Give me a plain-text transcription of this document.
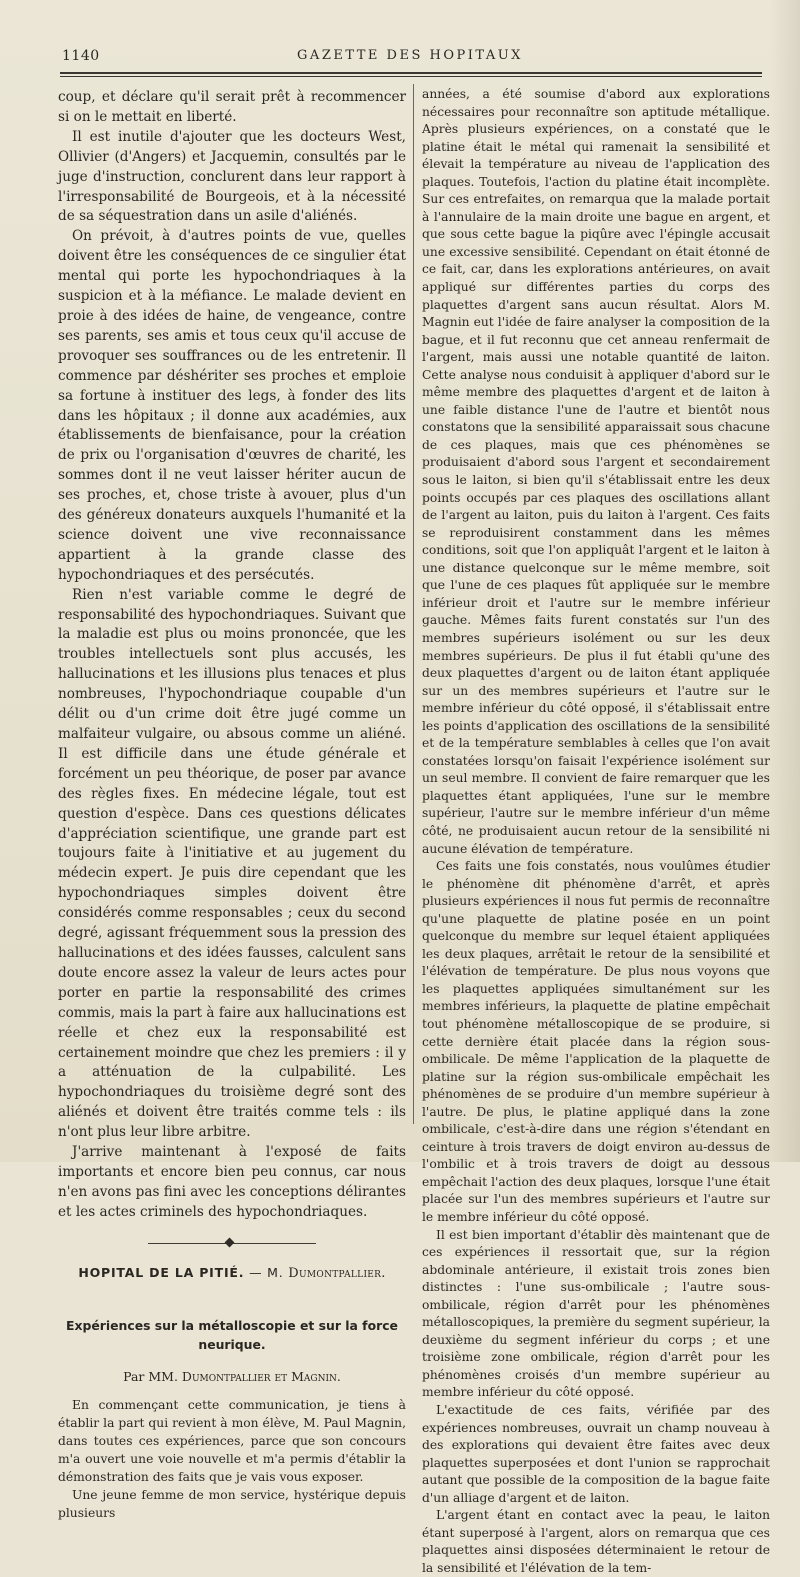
1140	GAZETTE DES HOPITAUX

coup, et déclare qu'il serait prêt à recommencer si on le mettait en liberté.

Il est inutile d'ajouter que les docteurs West, Ollivier (d'Angers) et Jacquemin, consultés par le juge d'instruction, conclurent dans leur rapport à l'irresponsabilité de Bourgeois, et à la nécessité de sa séquestration dans un asile d'aliénés.

On prévoit, à d'autres points de vue, quelles doivent être les conséquences de ce singulier état mental qui porte les hypochondriaques à la suspicion et à la méfiance. Le malade devient en proie à des idées de haine, de vengeance, contre ses parents, ses amis et tous ceux qu'il accuse de provoquer ses souffrances ou de les entretenir. Il commence par déshériter ses proches et emploie sa fortune à instituer des legs, à fonder des lits dans les hôpitaux ; il donne aux académies, aux établissements de bienfaisance, pour la création de prix ou l'organisation d'œuvres de charité, les sommes dont il ne veut laisser hériter aucun de ses proches, et, chose triste à avouer, plus d'un des généreux donateurs auxquels l'humanité et la science doivent une vive reconnaissance appartient à la grande classe des hypochondriaques et des persécutés.

Rien n'est variable comme le degré de responsabilité des hypochondriaques. Suivant que la maladie est plus ou moins prononcée, que les troubles intellectuels sont plus accusés, les hallucinations et les illusions plus tenaces et plus nombreuses, l'hypochondriaque coupable d'un délit ou d'un crime doit être jugé comme un malfaiteur vulgaire, ou absous comme un aliéné. Il est difficile dans une étude générale et forcément un peu théorique, de poser par avance des règles fixes. En médecine légale, tout est question d'espèce. Dans ces questions délicates d'appréciation scientifique, une grande part est toujours faite à l'initiative et au jugement du médecin expert. Je puis dire cependant que les hypochondriaques simples doivent être considérés comme responsables ; ceux du second degré, agissant fréquemment sous la pression des hallucinations et des idées fausses, calculent sans doute encore assez la valeur de leurs actes pour porter en partie la responsabilité des crimes commis, mais la part à faire aux hallucinations est réelle et chez eux la responsabilité est certainement moindre que chez les premiers : il y a atténuation de la culpabilité. Les hypochondriaques du troisième degré sont des aliénés et doivent être traités comme tels : ils n'ont plus leur libre arbitre.

J'arrive maintenant à l'exposé de faits importants et encore bien peu connus, car nous n'en avons pas fini avec les conceptions délirantes et les actes criminels des hypochondriaques.

HOPITAL DE LA PITIÉ. — M. Dumontpallier.
Expériences sur la métalloscopie et sur la force neurique.
Par MM. Dumontpallier et Magnin.

En commençant cette communication, je tiens à établir la part qui revient à mon élève, M. Paul Magnin, dans toutes ces expériences, parce que son concours m'a ouvert une voie nouvelle et m'a permis d'établir la démonstration des faits que je vais vous exposer.

Une jeune femme de mon service, hystérique depuis plusieurs

années, a été soumise d'abord aux explorations nécessaires pour reconnaître son aptitude métallique. Après plusieurs expériences, on a constaté que le platine était le métal qui ramenait la sensibilité et élevait la température au niveau de l'application des plaques. Toutefois, l'action du platine était incomplète. Sur ces entrefaites, on remarqua que la malade portait à l'annulaire de la main droite une bague en argent, et que sous cette bague la piqûre avec l'épingle accusait une excessive sensibilité. Cependant on était étonné de ce fait, car, dans les explorations antérieures, on avait appliqué sur différentes parties du corps des plaquettes d'argent sans aucun résultat. Alors M. Magnin eut l'idée de faire analyser la composition de la bague, et il fut reconnu que cet anneau renfermait de l'argent, mais aussi une notable quantité de laiton. Cette analyse nous conduisit à appliquer d'abord sur le même membre des plaquettes d'argent et de laiton à une faible distance l'une de l'autre et bientôt nous constatons que la sensibilité apparaissait sous chacune de ces plaques, mais que ces phénomènes se produisaient d'abord sous l'argent et secondairement sous le laiton, si bien qu'il s'établissait entre les deux points occupés par ces plaques des oscillations allant de l'argent au laiton, puis du laiton à l'argent. Ces faits se reproduisirent constamment dans les mêmes conditions, soit que l'on appliquât l'argent et le laiton à une distance quelconque sur le même membre, soit que l'une de ces plaques fût appliquée sur le membre inférieur droit et l'autre sur le membre inférieur gauche. Mêmes faits furent constatés sur l'un des membres supérieurs isolément ou sur les deux membres supérieurs. De plus il fut établi qu'une des deux plaquettes d'argent ou de laiton étant appliquée sur un des membres supérieurs et l'autre sur le membre inférieur du côté opposé, il s'établissait entre les points d'application des oscillations de la sensibilité et de la température semblables à celles que l'on avait constatées lorsqu'on faisait l'expérience isolément sur un seul membre. Il convient de faire remarquer que les plaquettes étant appliquées, l'une sur le membre supérieur, l'autre sur le membre inférieur d'un même côté, ne produisaient aucun retour de la sensibilité ni aucune élévation de température.

Ces faits une fois constatés, nous voulûmes étudier le phénomène dit phénomène d'arrêt, et après plusieurs expériences il nous fut permis de reconnaître qu'une plaquette de platine posée en un point quelconque du membre sur lequel étaient appliquées les deux plaques, arrêtait le retour de la sensibilité et l'élévation de température. De plus nous voyons que les plaquettes appliquées simultanément sur les membres inférieurs, la plaquette de platine empêchait tout phénomène métalloscopique de se produire, si cette dernière était placée dans la région sous-ombilicale. De même l'application de la plaquette de platine sur la région sus-ombilicale empêchait les phénomènes de se produire d'un membre supérieur à l'autre. De plus, le platine appliqué dans la zone ombilicale, c'est-à-dire dans une région s'étendant en ceinture à trois travers de doigt environ au-dessus de l'ombilic et à trois travers de doigt au dessous empêchait l'action des deux plaques, lorsque l'une était placée sur l'un des membres supérieurs et l'autre sur le membre inférieur du côté opposé.

Il est bien important d'établir dès maintenant que de ces expériences il ressortait que, sur la région abdominale antérieure, il existait trois zones bien distinctes : l'une sus-ombilicale ; l'autre sous-ombilicale, région d'arrêt pour les phénomènes métalloscopiques, la première du segment supérieur, la deuxième du segment inférieur du corps ; et une troisième zone ombilicale, région d'arrêt pour les phénomènes croisés d'un membre supérieur au membre inférieur du côté opposé.

L'exactitude de ces faits, vérifiée par des expériences nombreuses, ouvrait un champ nouveau à des explorations qui devaient être faites avec deux plaquettes superposées et dont l'union se rapprochait autant que possible de la composition de la bague faite d'un alliage d'argent et de laiton.

L'argent étant en contact avec la peau, le laiton étant superposé à l'argent, alors on remarqua que ces plaquettes ainsi disposées déterminaient le retour de la sensibilité et l'élévation de la tem-
